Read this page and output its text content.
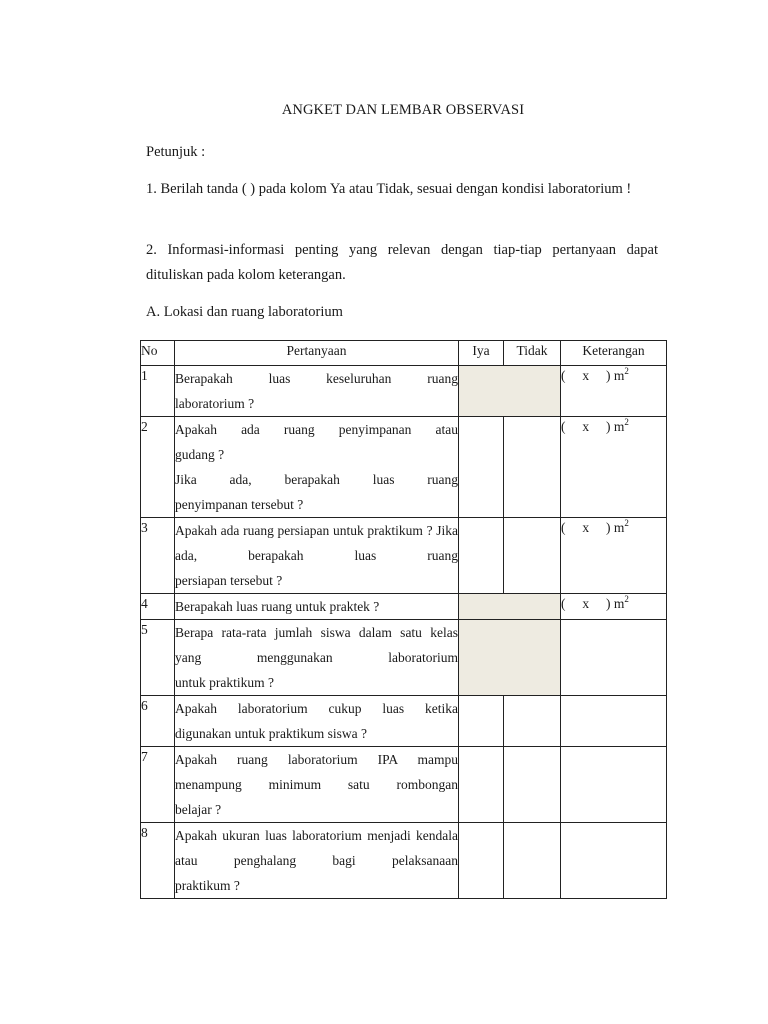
ANGKET DAN LEMBAR OBSERVASI
Petunjuk :
1. Berilah tanda ( ) pada kolom Ya atau Tidak, sesuai dengan kondisi laboratorium !
2. Informasi-informasi penting yang relevan dengan tiap-tiap pertanyaan dapat dituliskan pada kolom keterangan.
A. Lokasi dan ruang laboratorium
No	Pertanyaan	Iya	Tidak	Keterangan
1	Berapakah luas keseluruhan ruang
laboratorium ?			(     x     ) $m^2$
2	Apakah ada ruang penyimpanan atau
gudang ?
Jika ada, berapakah luas ruang
penyimpanan tersebut ?			(     x     ) $m^2$
3	Apakah ada ruang persiapan untuk praktikum ? Jika ada, berapakah luas ruang
persiapan tersebut ?			(     x     ) $m^2$
4	Berapakah luas ruang untuk praktek ?			(     x     ) $m^2$
5	Berapa rata-rata jumlah siswa dalam satu kelas yang menggunakan laboratorium
untuk praktikum ?			

6	Apakah laboratorium cukup luas ketika
digunakan untuk praktikum siswa ?			

7	Apakah ruang laboratorium IPA mampu menampung minimum satu rombongan
belajar ?			

8	Apakah ukuran luas laboratorium menjadi kendala atau penghalang bagi pelaksanaan
praktikum ?			
